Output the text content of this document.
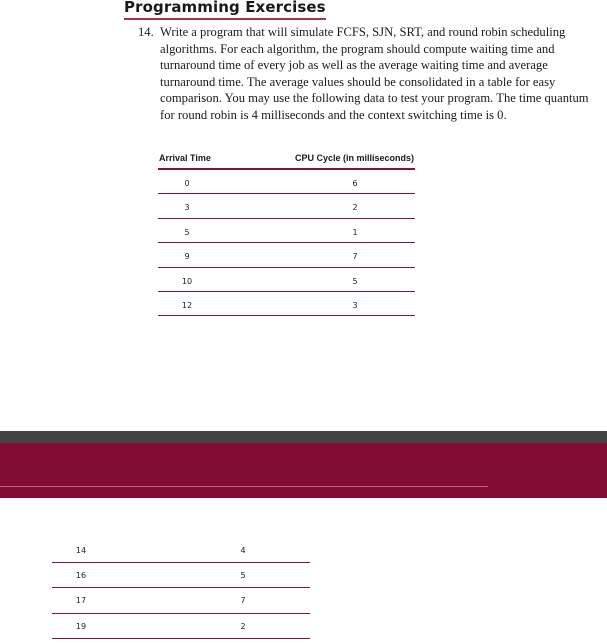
Programming Exercises
14. Write a program that will simulate FCFS, SJN, SRT, and round robin scheduling algorithms. For each algorithm, the program should compute waiting time and turnaround time of every job as well as the average waiting time and average turnaround time. The average values should be consolidated in a table for easy comparison. You may use the following data to test your program. The time quantum for round robin is 4 milliseconds and the context switching time is 0.
Arrival Time	CPU Cycle (in milliseconds)
0	6
3	2
5	1
9	7
10	5
12	3
14	4
16	5
17	7
19	2
